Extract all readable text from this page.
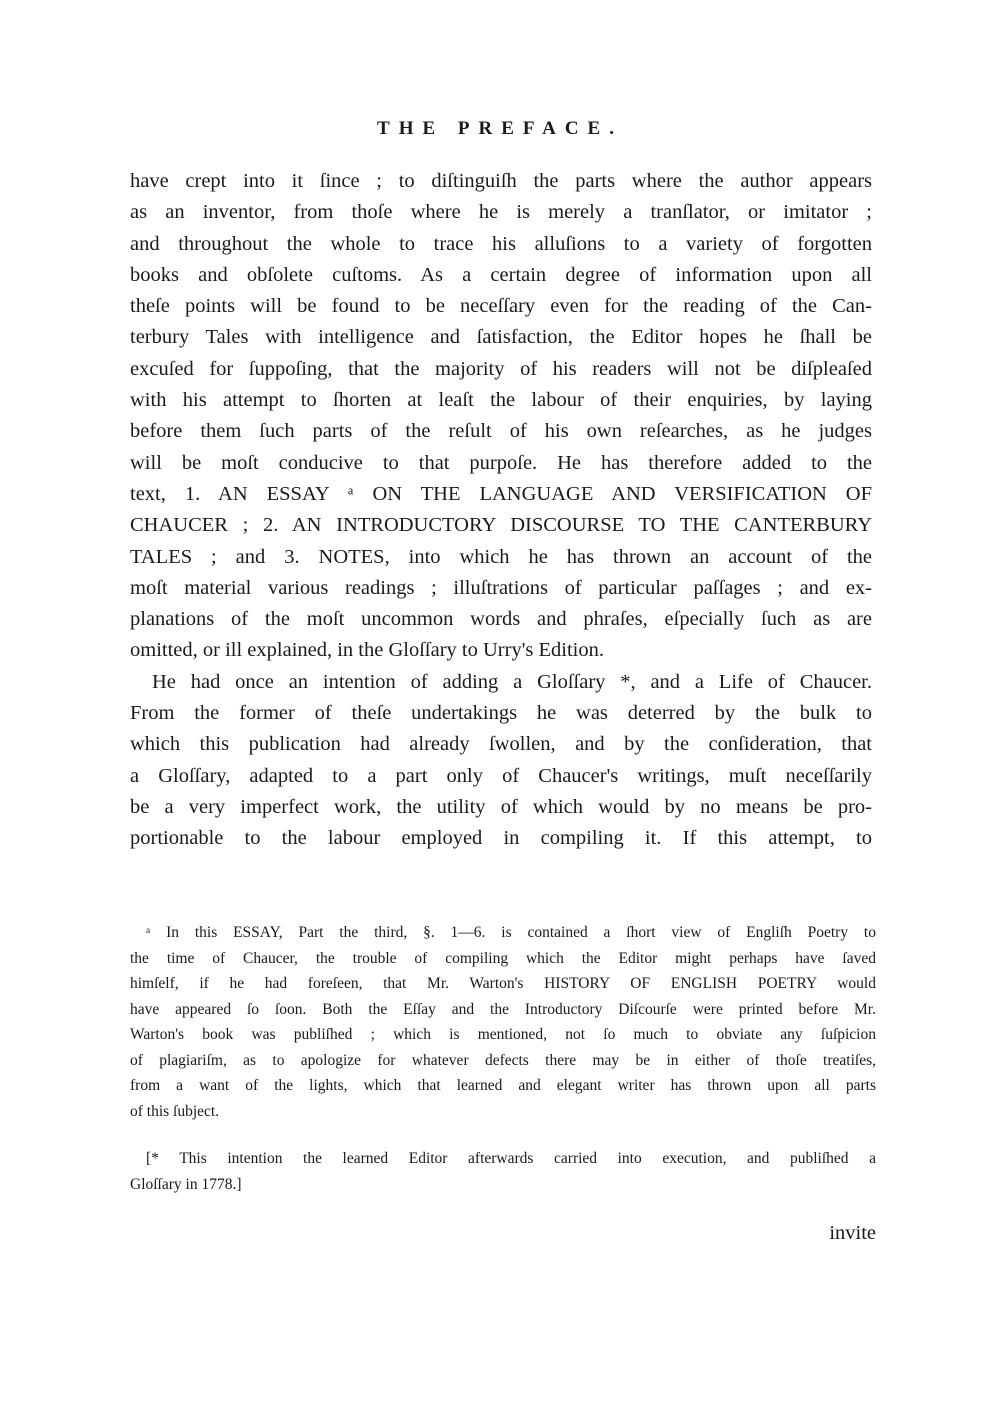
THE PREFACE.
have crept into it ſince ; to diſtinguiſh the parts where the author appears
as an inventor, from thoſe where he is merely a tranſlator, or imitator ;
and throughout the whole to trace his alluſions to a variety of forgotten
books and obſolete cuſtoms. As a certain degree of information upon all
theſe points will be found to be neceſſary even for the reading of the Can-
terbury Tales with intelligence and ſatisfaction, the Editor hopes he ſhall be
excuſed for ſuppoſing, that the majority of his readers will not be diſpleaſed
with his attempt to ſhorten at leaſt the labour of their enquiries, by laying
before them ſuch parts of the reſult of his own reſearches, as he judges
will be moſt conducive to that purpoſe. He has therefore added to the
text, 1. AN ESSAY ᵃ ON THE LANGUAGE AND VERSIFICATION OF
CHAUCER ; 2. AN INTRODUCTORY DISCOURSE TO THE CANTERBURY
TALES ; and 3. NOTES, into which he has thrown an account of the
moſt material various readings ; illuſtrations of particular paſſages ; and ex-
planations of the moſt uncommon words and phraſes, eſpecially ſuch as are
omitted, or ill explained, in the Gloſſary to Urry's Edition.
He had once an intention of adding a Gloſſary *, and a Life of Chaucer.
From the former of theſe undertakings he was deterred by the bulk to
which this publication had already ſwollen, and by the conſideration, that
a Gloſſary, adapted to a part only of Chaucer's writings, muſt neceſſarily
be a very imperfect work, the utility of which would by no means be pro-
portionable to the labour employed in compiling it. If this attempt, to
ᵃ In this ESSAY, Part the third, §. 1—6. is contained a ſhort view of Engliſh Poetry to
the time of Chaucer, the trouble of compiling which the Editor might perhaps have ſaved
himſelf, if he had foreſeen, that Mr. Warton's HISTORY OF ENGLISH POETRY would
have appeared ſo ſoon. Both the Eſſay and the Introductory Diſcourſe were printed before Mr.
Warton's book was publiſhed ; which is mentioned, not ſo much to obviate any ſuſpicion
of plagiariſm, as to apologize for whatever defects there may be in either of thoſe treatiſes,
from a want of the lights, which that learned and elegant writer has thrown upon all parts
of this ſubject.
[* This intention the learned Editor afterwards carried into execution, and publiſhed a
Gloſſary in 1778.]
invite
